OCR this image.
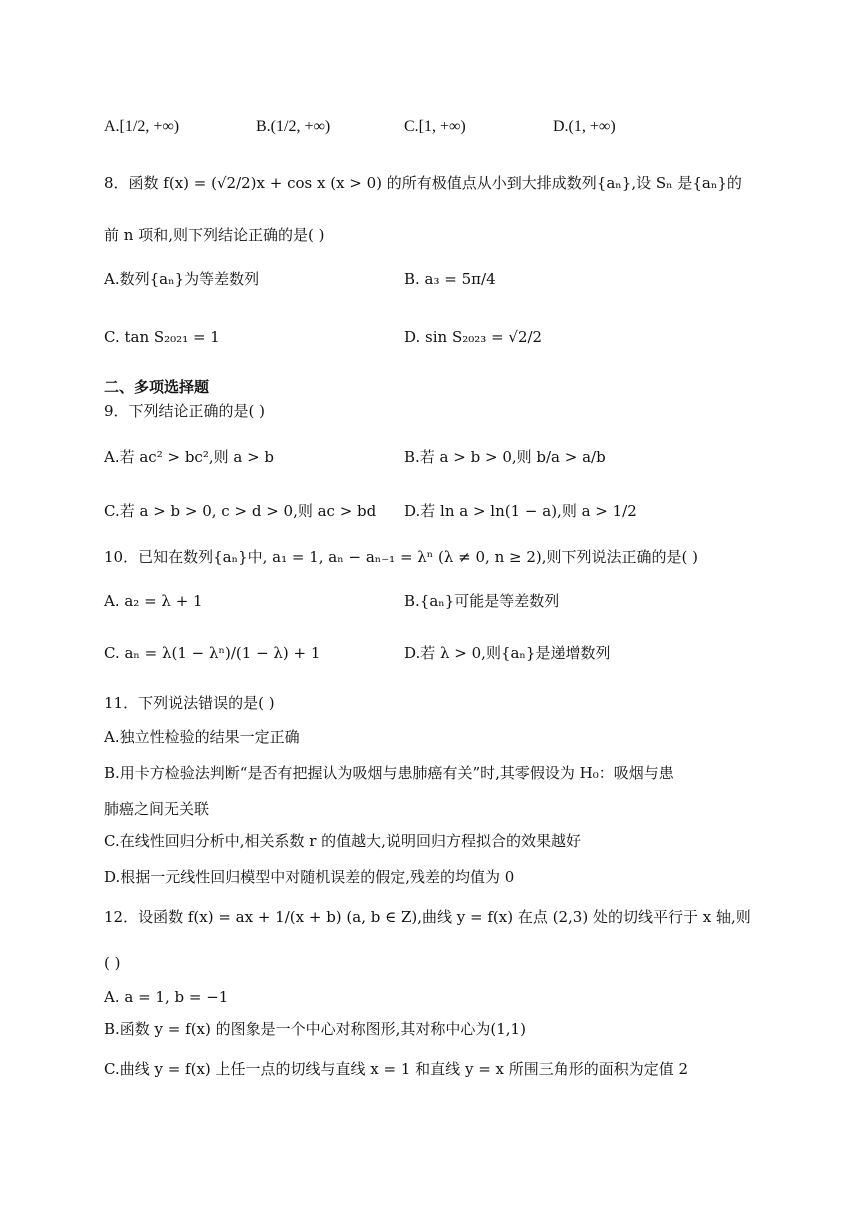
A.[1/2, +∞)	B.(1/2, +∞)	C.[1, +∞)	D.(1, +∞)
8．函数 f(x) = (√2/2)x + cos x (x > 0) 的所有极值点从小到大排成数列{aₙ},设 Sₙ 是{aₙ}的
前 n 项和,则下列结论正确的是( )
A.数列{aₙ}为等差数列	B. a₃ = 5π/4
C. tan S₂₀₂₁ = 1	D. sin S₂₀₂₃ = √2/2
二、多项选择题
9．下列结论正确的是( )
A.若 ac² > bc²,则 a > b	B.若 a > b > 0,则 b/a > a/b
C.若 a > b > 0, c > d > 0,则 ac > bd D.若 ln a > ln(1 − a),则 a > 1/2
10．已知在数列{aₙ}中, a₁ = 1, aₙ − aₙ₋₁ = λⁿ (λ ≠ 0, n ≥ 2),则下列说法正确的是( )
A. a₂ = λ + 1	B.{aₙ}可能是等差数列
C. aₙ = λ(1 − λⁿ)/(1 − λ) + 1	D.若 λ > 0,则{aₙ}是递增数列
11．下列说法错误的是( )
A.独立性检验的结果一定正确
B.用卡方检验法判断“是否有把握认为吸烟与患肺癌有关”时,其零假设为 H₀：吸烟与患
肺癌之间无关联
C.在线性回归分析中,相关系数 r 的值越大,说明回归方程拟合的效果越好
D.根据一元线性回归模型中对随机误差的假定,残差的均值为 0
12．设函数 f(x) = ax + 1/(x + b) (a, b ∈ Z),曲线 y = f(x) 在点 (2,3) 处的切线平行于 x 轴,则
( )
A. a = 1, b = −1
B.函数 y = f(x) 的图象是一个中心对称图形,其对称中心为(1,1)
C.曲线 y = f(x) 上任一点的切线与直线 x = 1 和直线 y = x 所围三角形的面积为定值 2
